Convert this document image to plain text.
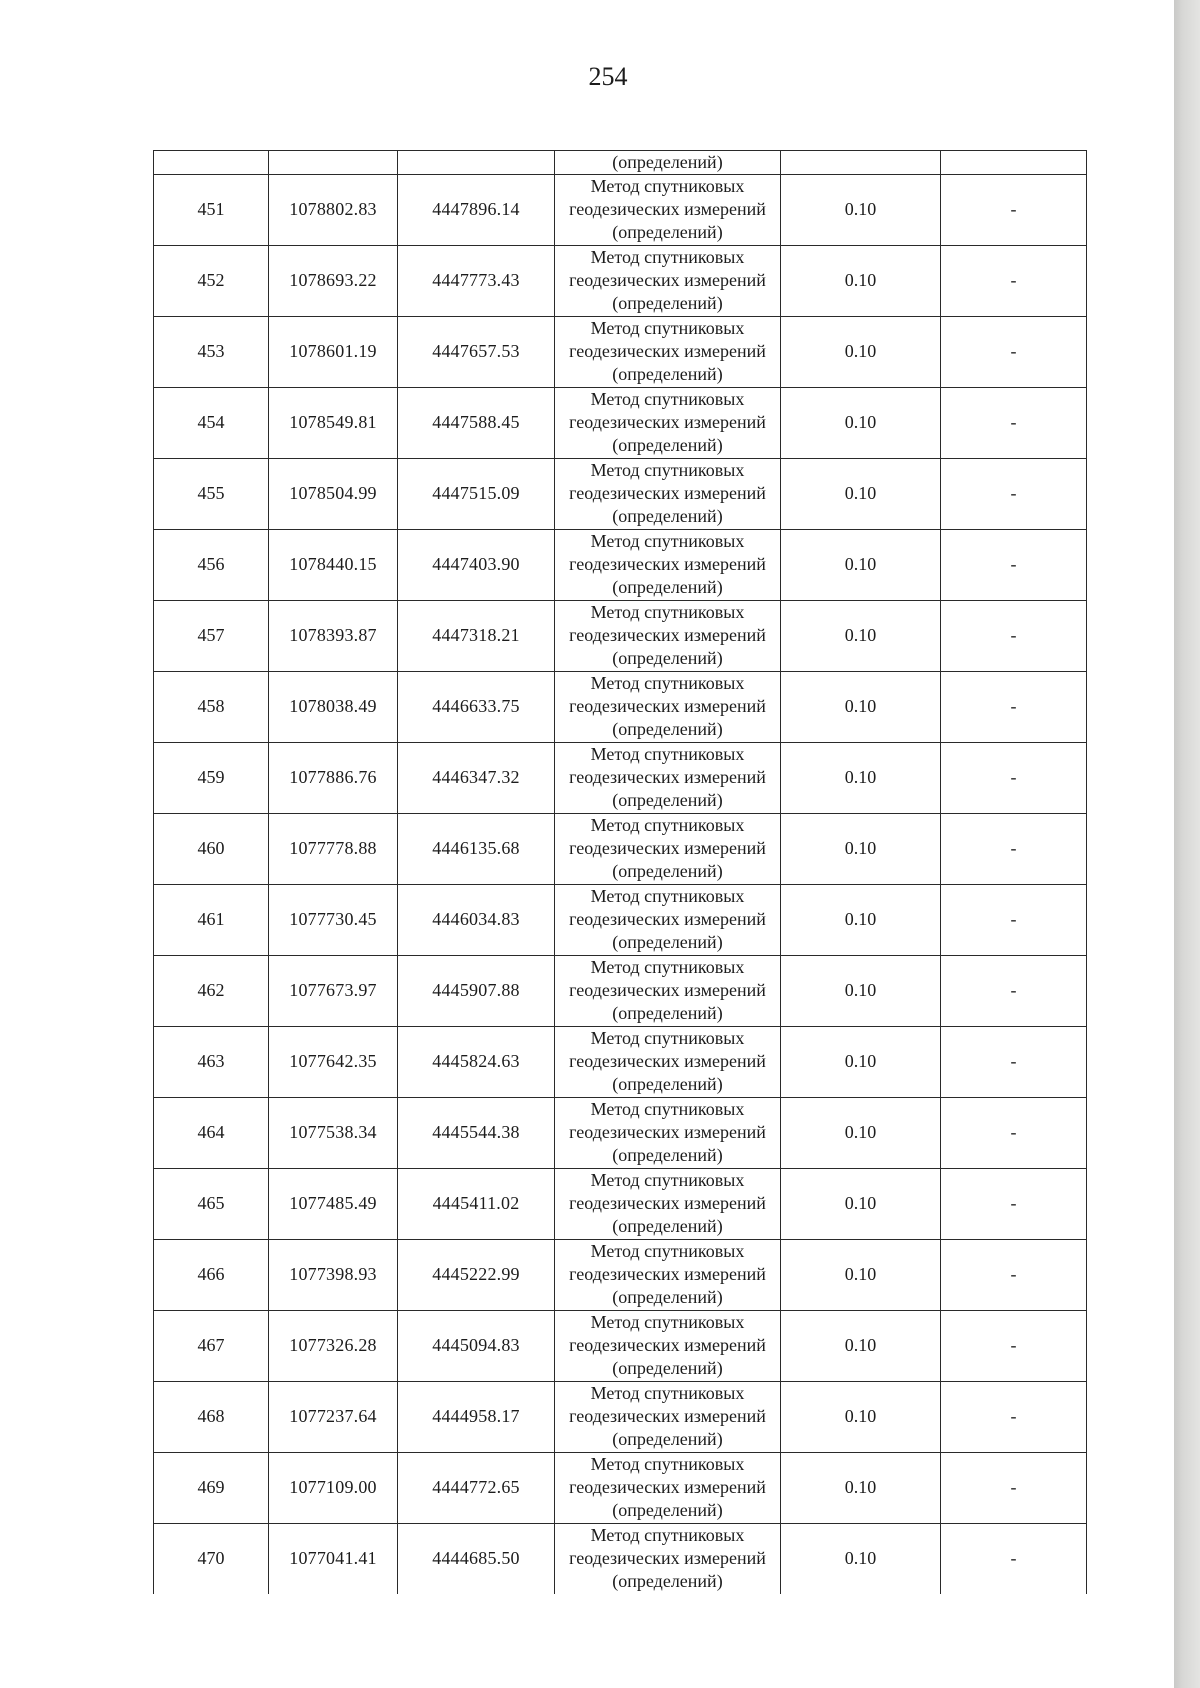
254
			(определений)		
451	1078802.83	4447896.14	Метод спутниковых
геодезических измерений
(определений)	0.10	-
452	1078693.22	4447773.43	Метод спутниковых
геодезических измерений
(определений)	0.10	-
453	1078601.19	4447657.53	Метод спутниковых
геодезических измерений
(определений)	0.10	-
454	1078549.81	4447588.45	Метод спутниковых
геодезических измерений
(определений)	0.10	-
455	1078504.99	4447515.09	Метод спутниковых
геодезических измерений
(определений)	0.10	-
456	1078440.15	4447403.90	Метод спутниковых
геодезических измерений
(определений)	0.10	-
457	1078393.87	4447318.21	Метод спутниковых
геодезических измерений
(определений)	0.10	-
458	1078038.49	4446633.75	Метод спутниковых
геодезических измерений
(определений)	0.10	-
459	1077886.76	4446347.32	Метод спутниковых
геодезических измерений
(определений)	0.10	-
460	1077778.88	4446135.68	Метод спутниковых
геодезических измерений
(определений)	0.10	-
461	1077730.45	4446034.83	Метод спутниковых
геодезических измерений
(определений)	0.10	-
462	1077673.97	4445907.88	Метод спутниковых
геодезических измерений
(определений)	0.10	-
463	1077642.35	4445824.63	Метод спутниковых
геодезических измерений
(определений)	0.10	-
464	1077538.34	4445544.38	Метод спутниковых
геодезических измерений
(определений)	0.10	-
465	1077485.49	4445411.02	Метод спутниковых
геодезических измерений
(определений)	0.10	-
466	1077398.93	4445222.99	Метод спутниковых
геодезических измерений
(определений)	0.10	-
467	1077326.28	4445094.83	Метод спутниковых
геодезических измерений
(определений)	0.10	-
468	1077237.64	4444958.17	Метод спутниковых
геодезических измерений
(определений)	0.10	-
469	1077109.00	4444772.65	Метод спутниковых
геодезических измерений
(определений)	0.10	-
470	1077041.41	4444685.50	Метод спутниковых
геодезических измерений
(определений)	0.10	-
